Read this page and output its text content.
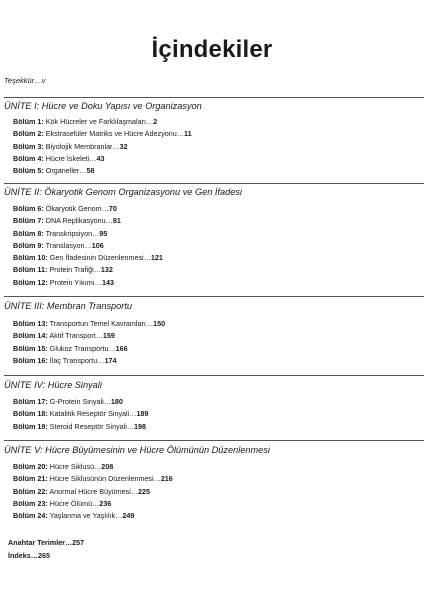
İçindekiler
Teşekkür…v
ÜNİTE I: Hücre ve Doku Yapısı ve Organizasyon
Bölüm 1: Kök Hücreler ve Farklılaşmaları…2
Bölüm 2: Ekstraselüler Matriks ve Hücre Adezyonu…11
Bölüm 3: Biyolojik Membranlar…32
Bölüm 4: Hücre İskeleti…43
Bölüm 5: Organeller…58
ÜNİTE II: Ökaryotik Genom Organizasyonu ve Gen İfadesi
Bölüm 6: Ökaryotik Genom…70
Bölüm 7: DNA Replikasyonu…81
Bölüm 8: Transkripsiyon…95
Bölüm 9: Translasyon…106
Bölüm 10: Gen İfadesinin Düzenlenmesi…121
Bölüm 11: Protein Trafiği…132
Bölüm 12: Protein Yıkımı…143
ÜNİTE III: Membran Transportu
Bölüm 13: Transportun Temel Kavramları…150
Bölüm 14: Aktif Transport…159
Bölüm 15: Glukoz Transportu…166
Bölüm 16: İlaç Transportu…174
ÜNİTE IV: Hücre Sinyali
Bölüm 17: G-Protein Sinyali…180
Bölüm 18: Katalitik Reseptör Sinyali…189
Bölüm 19: Steroid Reseptör Sinyali…198
ÜNİTE V: Hücre Büyümesinin ve Hücre Ölümünün Düzenlenmesi
Bölüm 20: Hücre Siklusü…208
Bölüm 21: Hücre Siklusünün Düzenlenmesi…216
Bölüm 22: Anormal Hücre Büyümesi…225
Bölüm 23: Hücre Ölümü…236
Bölüm 24: Yaşlanma ve Yaşlılık…249
Anahtar Terimler…257
İndeks…265
